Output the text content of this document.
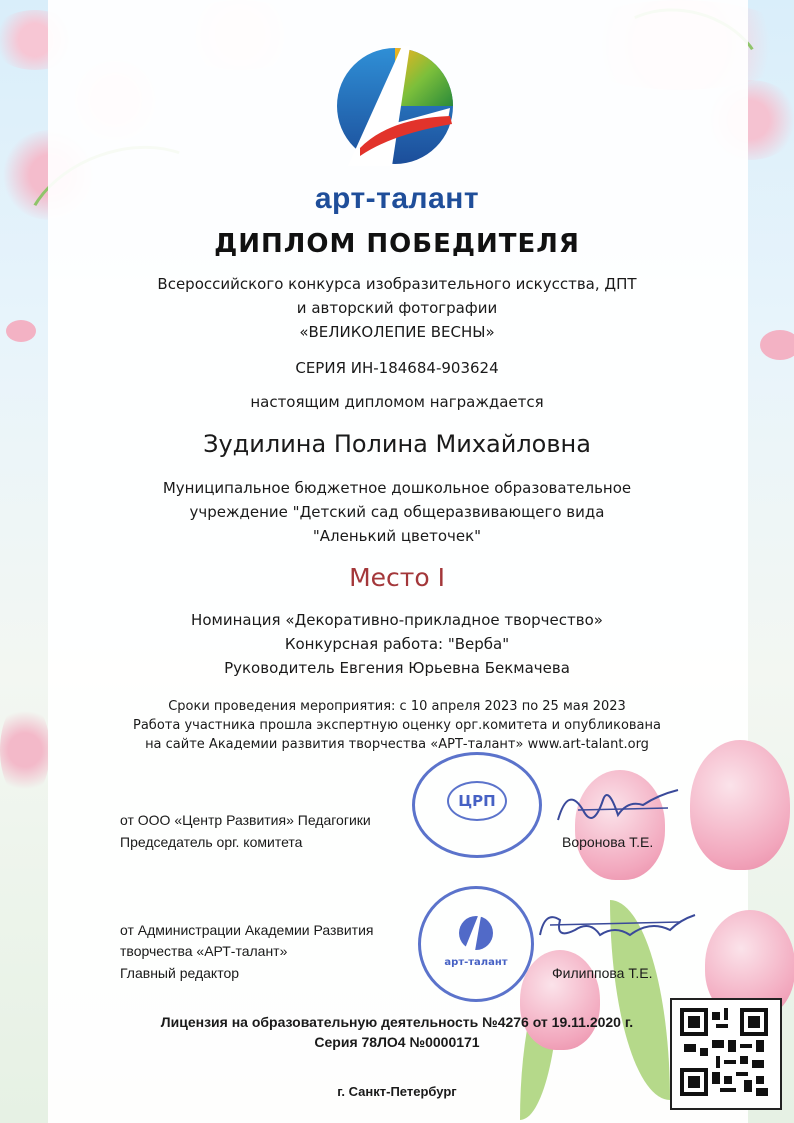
арт-талант
ДИПЛОМ ПОБЕДИТЕЛЯ
Всероссийского конкурса изобразительного искусства, ДПТ
и авторский фотографии
«ВЕЛИКОЛЕПИЕ ВЕСНЫ»
СЕРИЯ ИН-184684-903624
настоящим дипломом награждается
Зудилина Полина Михайловна
Муниципальное бюджетное дошкольное образовательное
учреждение "Детский сад общеразвивающего вида
"Аленький цветочек"
Место I
Номинация «Декоративно-прикладное творчество»
Конкурсная работа: "Верба"
Руководитель Евгения Юрьевна Бекмачева
Сроки проведения мероприятия: с 10 апреля 2023 по 25 мая 2023
Работа участника прошла экспертную оценку орг.комитета и опубликована
на сайте Академии развития творчества «АРТ-талант» www.art-talant.org
от ООО «Центр Развития» Педагогики
Председатель орг. комитета	Воронова Т.Е.
ЦРП
от Администрации Академии Развития
творчества «АРТ-талант»
Главный редактор	Филиппова Т.Е.
арт-талант
Лицензия на образовательную деятельность №4276 от 19.11.2020 г.
Серия 78ЛО4 №0000171
г. Санкт-Петербург
